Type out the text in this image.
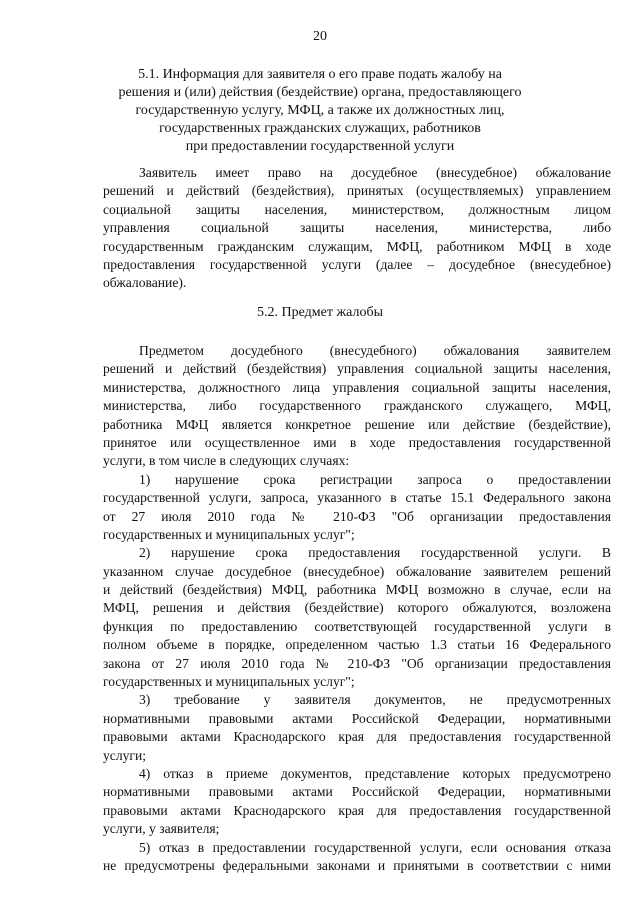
20
5.1. Информация для заявителя о его праве подать жалобу на
решения и (или) действия (бездействие) органа, предоставляющего
государственную услугу, МФЦ, а также их должностных лиц,
государственных гражданских служащих, работников
при предоставлении государственной услуги
Заявитель имеет право на досудебное (внесудебное) обжалование
решений и действий (бездействия), принятых (осуществляемых) управлением
социальной защиты населения, министерством, должностным лицом
управления социальной защиты населения, министерства, либо
государственным гражданским служащим, МФЦ, работником МФЦ в ходе
предоставления государственной услуги (далее – досудебное (внесудебное)
обжалование).
5.2. Предмет жалобы
Предметом досудебного (внесудебного) обжалования заявителем
решений и действий (бездействия) управления социальной защиты населения,
министерства, должностного лица управления социальной защиты населения,
министерства, либо государственного гражданского служащего, МФЦ,
работника МФЦ является конкретное решение или действие (бездействие),
принятое или осуществленное ими в ходе предоставления государственной
услуги, в том числе в следующих случаях:
1) нарушение срока регистрации запроса о предоставлении
государственной услуги, запроса, указанного в статье 15.1 Федерального закона
от 27 июля 2010 года № 210-ФЗ "Об организации предоставления
государственных и муниципальных услуг";
2) нарушение срока предоставления государственной услуги. В
указанном случае досудебное (внесудебное) обжалование заявителем решений
и действий (бездействия) МФЦ, работника МФЦ возможно в случае, если на
МФЦ, решения и действия (бездействие) которого обжалуются, возложена
функция по предоставлению соответствующей государственной услуги в
полном объеме в порядке, определенном частью 1.3 статьи 16 Федерального
закона от 27 июля 2010 года № 210-ФЗ "Об организации предоставления
государственных и муниципальных услуг";
3) требование у заявителя документов, не предусмотренных
нормативными правовыми актами Российской Федерации, нормативными
правовыми актами Краснодарского края для предоставления государственной
услуги;
4) отказ в приеме документов, представление которых предусмотрено
нормативными правовыми актами Российской Федерации, нормативными
правовыми актами Краснодарского края для предоставления государственной
услуги, у заявителя;
5) отказ в предоставлении государственной услуги, если основания отказа
не предусмотрены федеральными законами и принятыми в соответствии с ними
